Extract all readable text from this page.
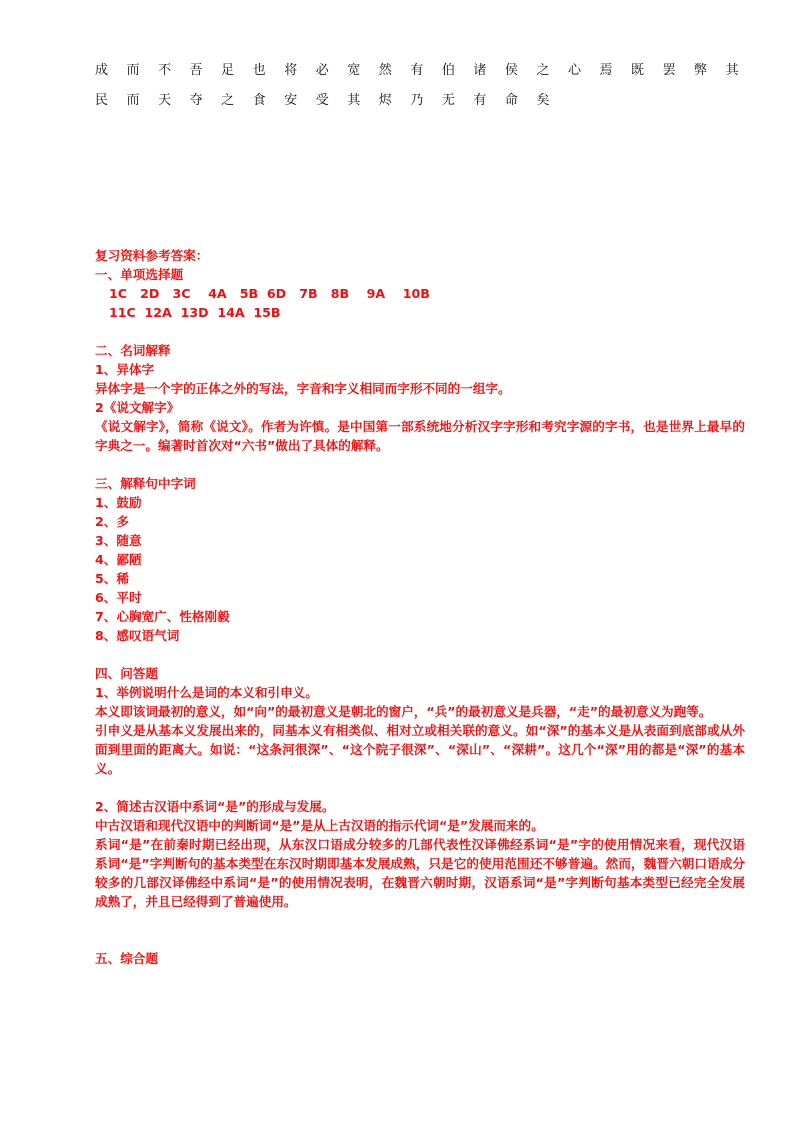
成 而 不 吾 足 也 将 必 宽 然 有 伯 诸 侯 之 心 焉 既 罢 弊 其 民 而 天 夺 之 食 安 受 其 烬 乃 无 有 命 矣

复习资料参考答案：

一、单项选择题

1C   2D   3C    4A   5B  6D   7B   8B    9A    10B

11C  12A  13D  14A  15B

二、名词解释

1、异体字

异体字是一个字的正体之外的写法，字音和字义相同而字形不同的一组字。

2《说文解字》

《说文解字》，简称《说文》。作者为许慎。是中国第一部系统地分析汉字字形和考究字源的字书，也是世界上最早的字典之一。编著时首次对“六书”做出了具体的解释。

三、解释句中字词

1、鼓励

2、多

3、随意

4、鄙陋

5、稀

6、平时

7、心胸宽广、性格刚毅

8、感叹语气词

四、问答题

1、举例说明什么是词的本义和引申义。

本义即该词最初的意义，如“向”的最初意义是朝北的窗户，“兵”的最初意义是兵器，“走”的最初意义为跑等。

引申义是从基本义发展出来的，同基本义有相类似、相对立或相关联的意义。如“深”的基本义是从表面到底部或从外面到里面的距离大。如说：“这条河很深”、“这个院子很深”、“深山”、“深耕”。这几个“深”用的都是“深”的基本义。

2、简述古汉语中系词“是”的形成与发展。

中古汉语和现代汉语中的判断词“是”是从上古汉语的指示代词“是”发展而来的。

系词“是”在前秦时期已经出现，从东汉口语成分较多的几部代表性汉译佛经系词“是”字的使用情况来看，现代汉语系词“是”字判断句的基本类型在东汉时期即基本发展成熟，只是它的使用范围还不够普遍。然而，魏晋六朝口语成分较多的几部汉译佛经中系词“是”的使用情况表明，在魏晋六朝时期，汉语系词“是”字判断句基本类型已经完全发展成熟了，并且已经得到了普遍使用。

五、综合题
